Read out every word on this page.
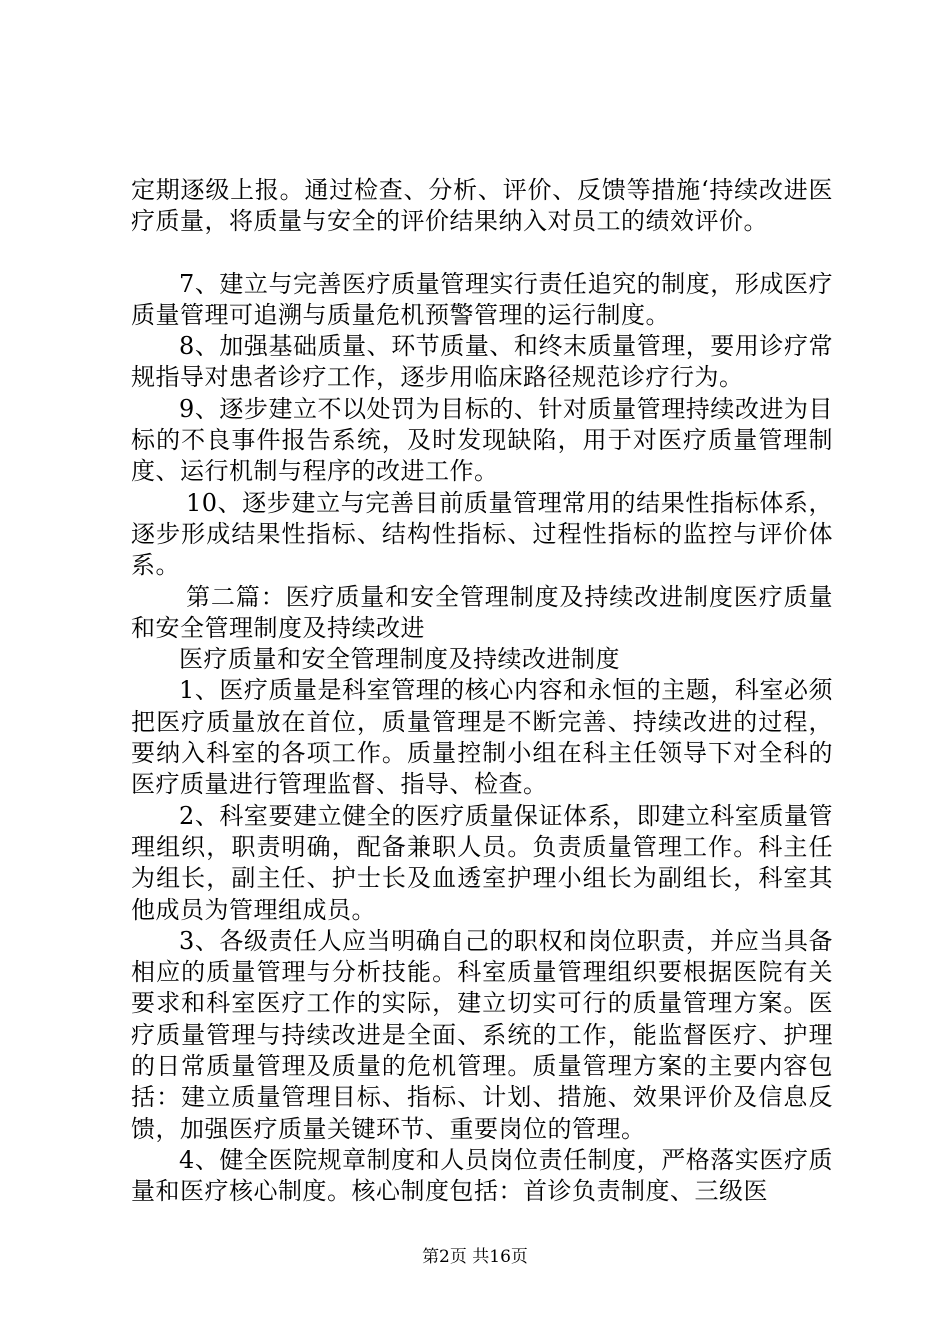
定期逐级上报。通过检查、分析、评价、反馈等措施‘持续改进医疗质量，将质量与安全的评价结果纳入对员工的绩效评价。

7、建立与完善医疗质量管理实行责任追究的制度，形成医疗质量管理可追溯与质量危机预警管理的运行制度。

8、加强基础质量、环节质量、和终末质量管理，要用诊疗常规指导对患者诊疗工作，逐步用临床路径规范诊疗行为。

9、逐步建立不以处罚为目标的、针对质量管理持续改进为目标的不良事件报告系统，及时发现缺陷，用于对医疗质量管理制度、运行机制与程序的改进工作。

10、逐步建立与完善目前质量管理常用的结果性指标体系，逐步形成结果性指标、结构性指标、过程性指标的监控与评价体系。

第二篇：医疗质量和安全管理制度及持续改进制度医疗质量和安全管理制度及持续改进

医疗质量和安全管理制度及持续改进制度

1、医疗质量是科室管理的核心内容和永恒的主题，科室必须把医疗质量放在首位，质量管理是不断完善、持续改进的过程，要纳入科室的各项工作。质量控制小组在科主任领导下对全科的医疗质量进行管理监督、指导、检查。

2、科室要建立健全的医疗质量保证体系，即建立科室质量管理组织，职责明确，配备兼职人员。负责质量管理工作。科主任为组长，副主任、护士长及血透室护理小组长为副组长，科室其他成员为管理组成员。

3、各级责任人应当明确自己的职权和岗位职责，并应当具备相应的质量管理与分析技能。科室质量管理组织要根据医院有关要求和科室医疗工作的实际，建立切实可行的质量管理方案。医疗质量管理与持续改进是全面、系统的工作，能监督医疗、护理的日常质量管理及质量的危机管理。质量管理方案的主要内容包括：建立质量管理目标、指标、计划、措施、效果评价及信息反馈，加强医疗质量关键环节、重要岗位的管理。

4、健全医院规章制度和人员岗位责任制度，严格落实医疗质量和医疗核心制度。核心制度包括：首诊负责制度、三级医

第2页 共16页
